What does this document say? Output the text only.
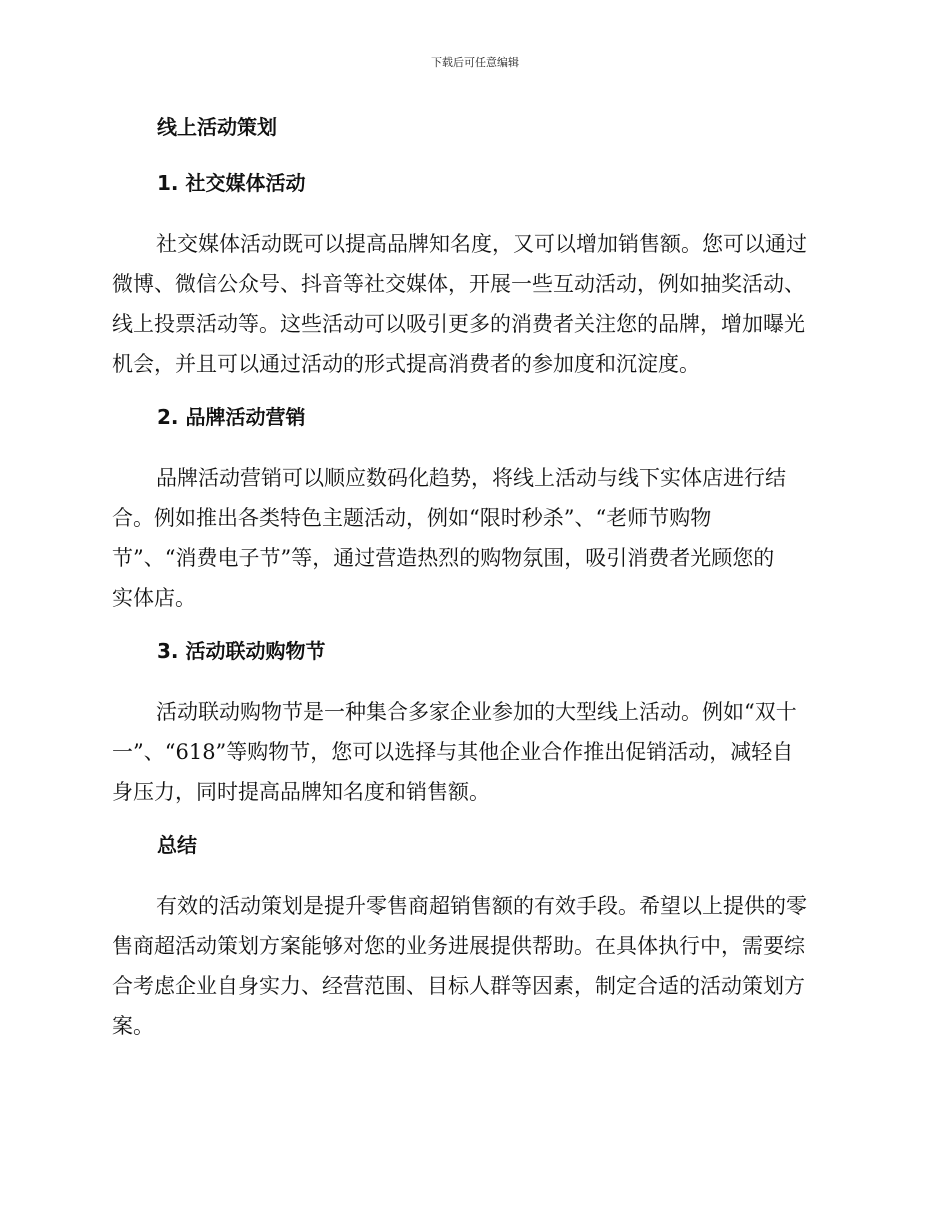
下载后可任意编辑
线上活动策划
1. 社交媒体活动
社交媒体活动既可以提高品牌知名度，又可以增加销售额。您可以通过
微博、微信公众号、抖音等社交媒体，开展一些互动活动，例如抽奖活动、
线上投票活动等。这些活动可以吸引更多的消费者关注您的品牌，增加曝光
机会，并且可以通过活动的形式提高消费者的参加度和沉淀度。
2. 品牌活动营销
品牌活动营销可以顺应数码化趋势，将线上活动与线下实体店进行结
合。例如推出各类特色主题活动，例如“限时秒杀”、“老师节购物
节”、“消费电子节”等，通过营造热烈的购物氛围，吸引消费者光顾您的
实体店。
3. 活动联动购物节
活动联动购物节是一种集合多家企业参加的大型线上活动。例如“双十
一”、“618”等购物节，您可以选择与其他企业合作推出促销活动，减轻自
身压力，同时提高品牌知名度和销售额。
总结
有效的活动策划是提升零售商超销售额的有效手段。希望以上提供的零
售商超活动策划方案能够对您的业务进展提供帮助。在具体执行中，需要综
合考虑企业自身实力、经营范围、目标人群等因素，制定合适的活动策划方
案。
